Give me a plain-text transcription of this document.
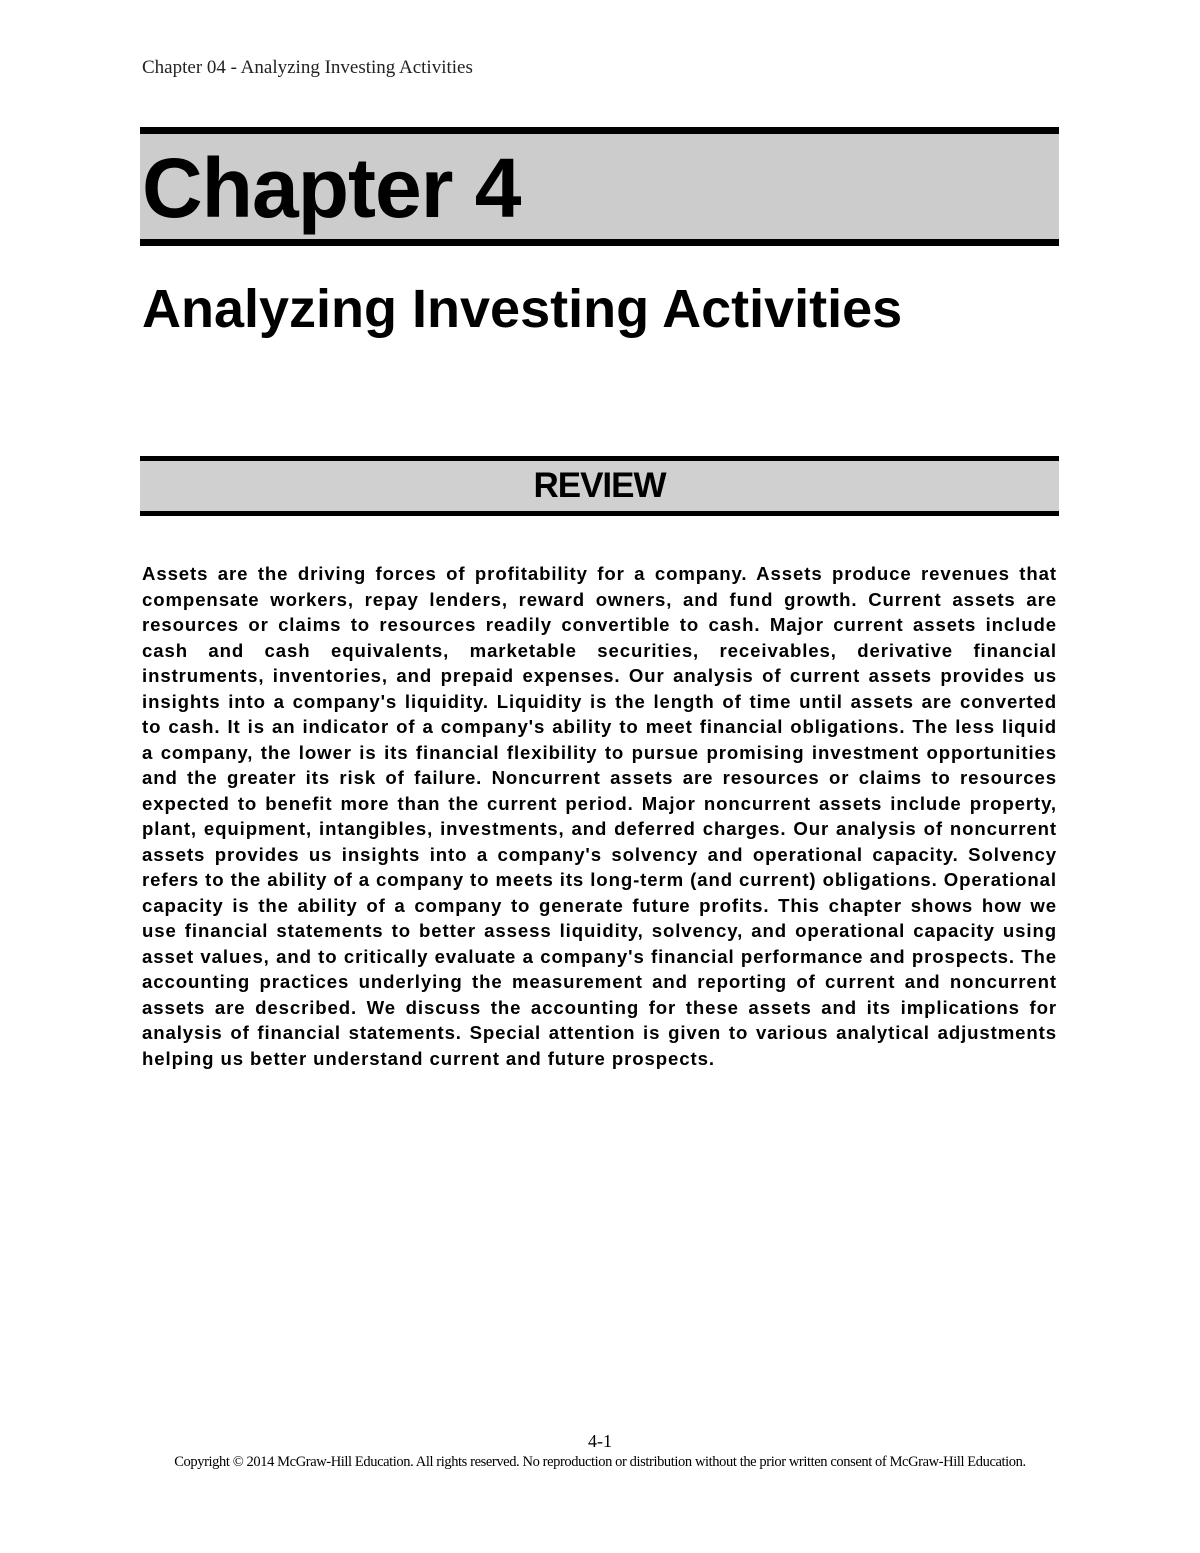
Chapter 04 - Analyzing Investing Activities
Chapter 4
Analyzing Investing Activities
REVIEW

Assets are the driving forces of profitability for a company. Assets produce revenues that compensate workers, repay lenders, reward owners, and fund growth. Current assets are resources or claims to resources readily convertible to cash. Major current assets include cash and cash equivalents, marketable securities, receivables, derivative financial instruments, inventories, and prepaid expenses. Our analysis of current assets provides us insights into a company's liquidity. Liquidity is the length of time until assets are converted to cash. It is an indicator of a company's ability to meet financial obligations. The less liquid a company, the lower is its financial flexibility to pursue promising investment opportunities and the greater its risk of failure. Noncurrent assets are resources or claims to resources expected to benefit more than the current period. Major noncurrent assets include property, plant, equipment, intangibles, investments, and deferred charges. Our analysis of noncurrent assets provides us insights into a company's solvency and operational capacity. Solvency refers to the ability of a company to meets its long-term (and current) obligations. Operational capacity is the ability of a company to generate future profits. This chapter shows how we use financial statements to better assess liquidity, solvency, and operational capacity using asset values, and to critically evaluate a company's financial performance and prospects. The accounting practices underlying the measurement and reporting of current and noncurrent assets are described. We discuss the accounting for these assets and its implications for analysis of financial statements. Special attention is given to various analytical adjustments helping us better understand current and future prospects.

4-1
Copyright © 2014 McGraw-Hill Education. All rights reserved. No reproduction or distribution without the prior written consent of McGraw-Hill Education.
